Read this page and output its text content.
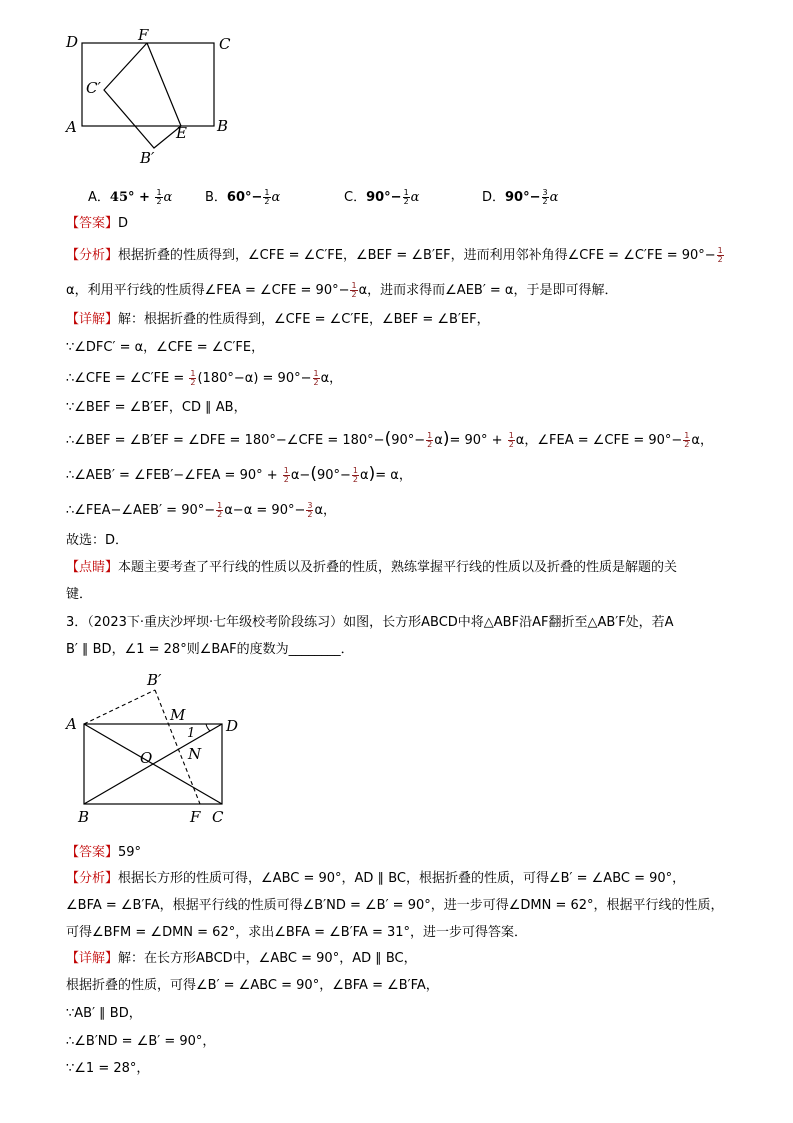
D	F	C
C′
A	E B
B′
A．$45^\circ + \frac{1}{2}$ α	B．$60^\circ- \frac{1}{2}$ α	C．$90^\circ- \frac{1}{2}$ α	D．$90^\circ- \frac{3}{2}$ α
【答案】D
【分析】根据折叠的性质得到，∠CFE = ∠C′FE，∠BEF = ∠B′EF，进而利用邻补角得∠CFE = ∠C′FE = $90^\circ- \frac{1}{2}$
α，利用平行线的性质得∠FEA = ∠CFE = $90^\circ- \frac{1}{2}$ α，进而求得而∠AEB′ = α，于是即可得解．
【详解】解：根据折叠的性质得到，∠CFE = ∠C′FE，∠BEF = ∠B′EF，
∵∠DFC′ = α，∠CFE = ∠C′FE，
∴∠CFE = ∠C′FE = $\frac{1}{2} (180^\circ-\alpha) = 90^\circ- \frac{1}{2}$ α，
∵∠BEF = ∠B′EF，CD ∥ AB，
∴∠BEF = ∠B′EF = ∠DFE = 180°−∠CFE = $180^\circ-(90^\circ- \frac{1}{2} \alpha)= 90^\circ + \frac{1}{2}$ α，∠FEA = ∠CFE = $90^\circ- \frac{1}{2}$ α，
∴∠AEB′ = ∠FEB′−∠FEA = $90^\circ + \frac{1}{2} \alpha-(90^\circ- \frac{1}{2} \alpha)= \alpha$，
∴∠FEA−∠AEB′ = $90^\circ- \frac{1}{2} \alpha-\alpha = 90^\circ- \frac{3}{2}$ α，
故选：D．
【点睛】本题主要考查了平行线的性质以及折叠的性质，熟练掌握平行线的性质以及折叠的性质是解题的关
键．
3．（2023下·重庆沙坪坝·七年级校考阶段练习）如图，长方形ABCD中将△ABF沿AF翻折至△AB′F处，若A
B′ ∥ BD，∠1 = 28°则∠BAF的度数为________．
B′
M
A	D
1
N
O
B	F C
【答案】59°
【分析】根据长方形的性质可得，∠ABC = 90°，AD ∥ BC，根据折叠的性质，可得∠B′ = ∠ABC = 90°，
∠BFA = ∠B′FA，根据平行线的性质可得∠B′ND = ∠B′ = 90°，进一步可得∠DMN = 62°，根据平行线的性质，
可得∠BFM = ∠DMN = 62°，求出∠BFA = ∠B′FA = 31°，进一步可得答案．
【详解】解：在长方形ABCD中，∠ABC = 90°，AD ∥ BC，
根据折叠的性质，可得∠B′ = ∠ABC = 90°，∠BFA = ∠B′FA，
∵AB′ ∥ BD，
∴∠B′ND = ∠B′ = 90°，
∵∠1 = 28°，
